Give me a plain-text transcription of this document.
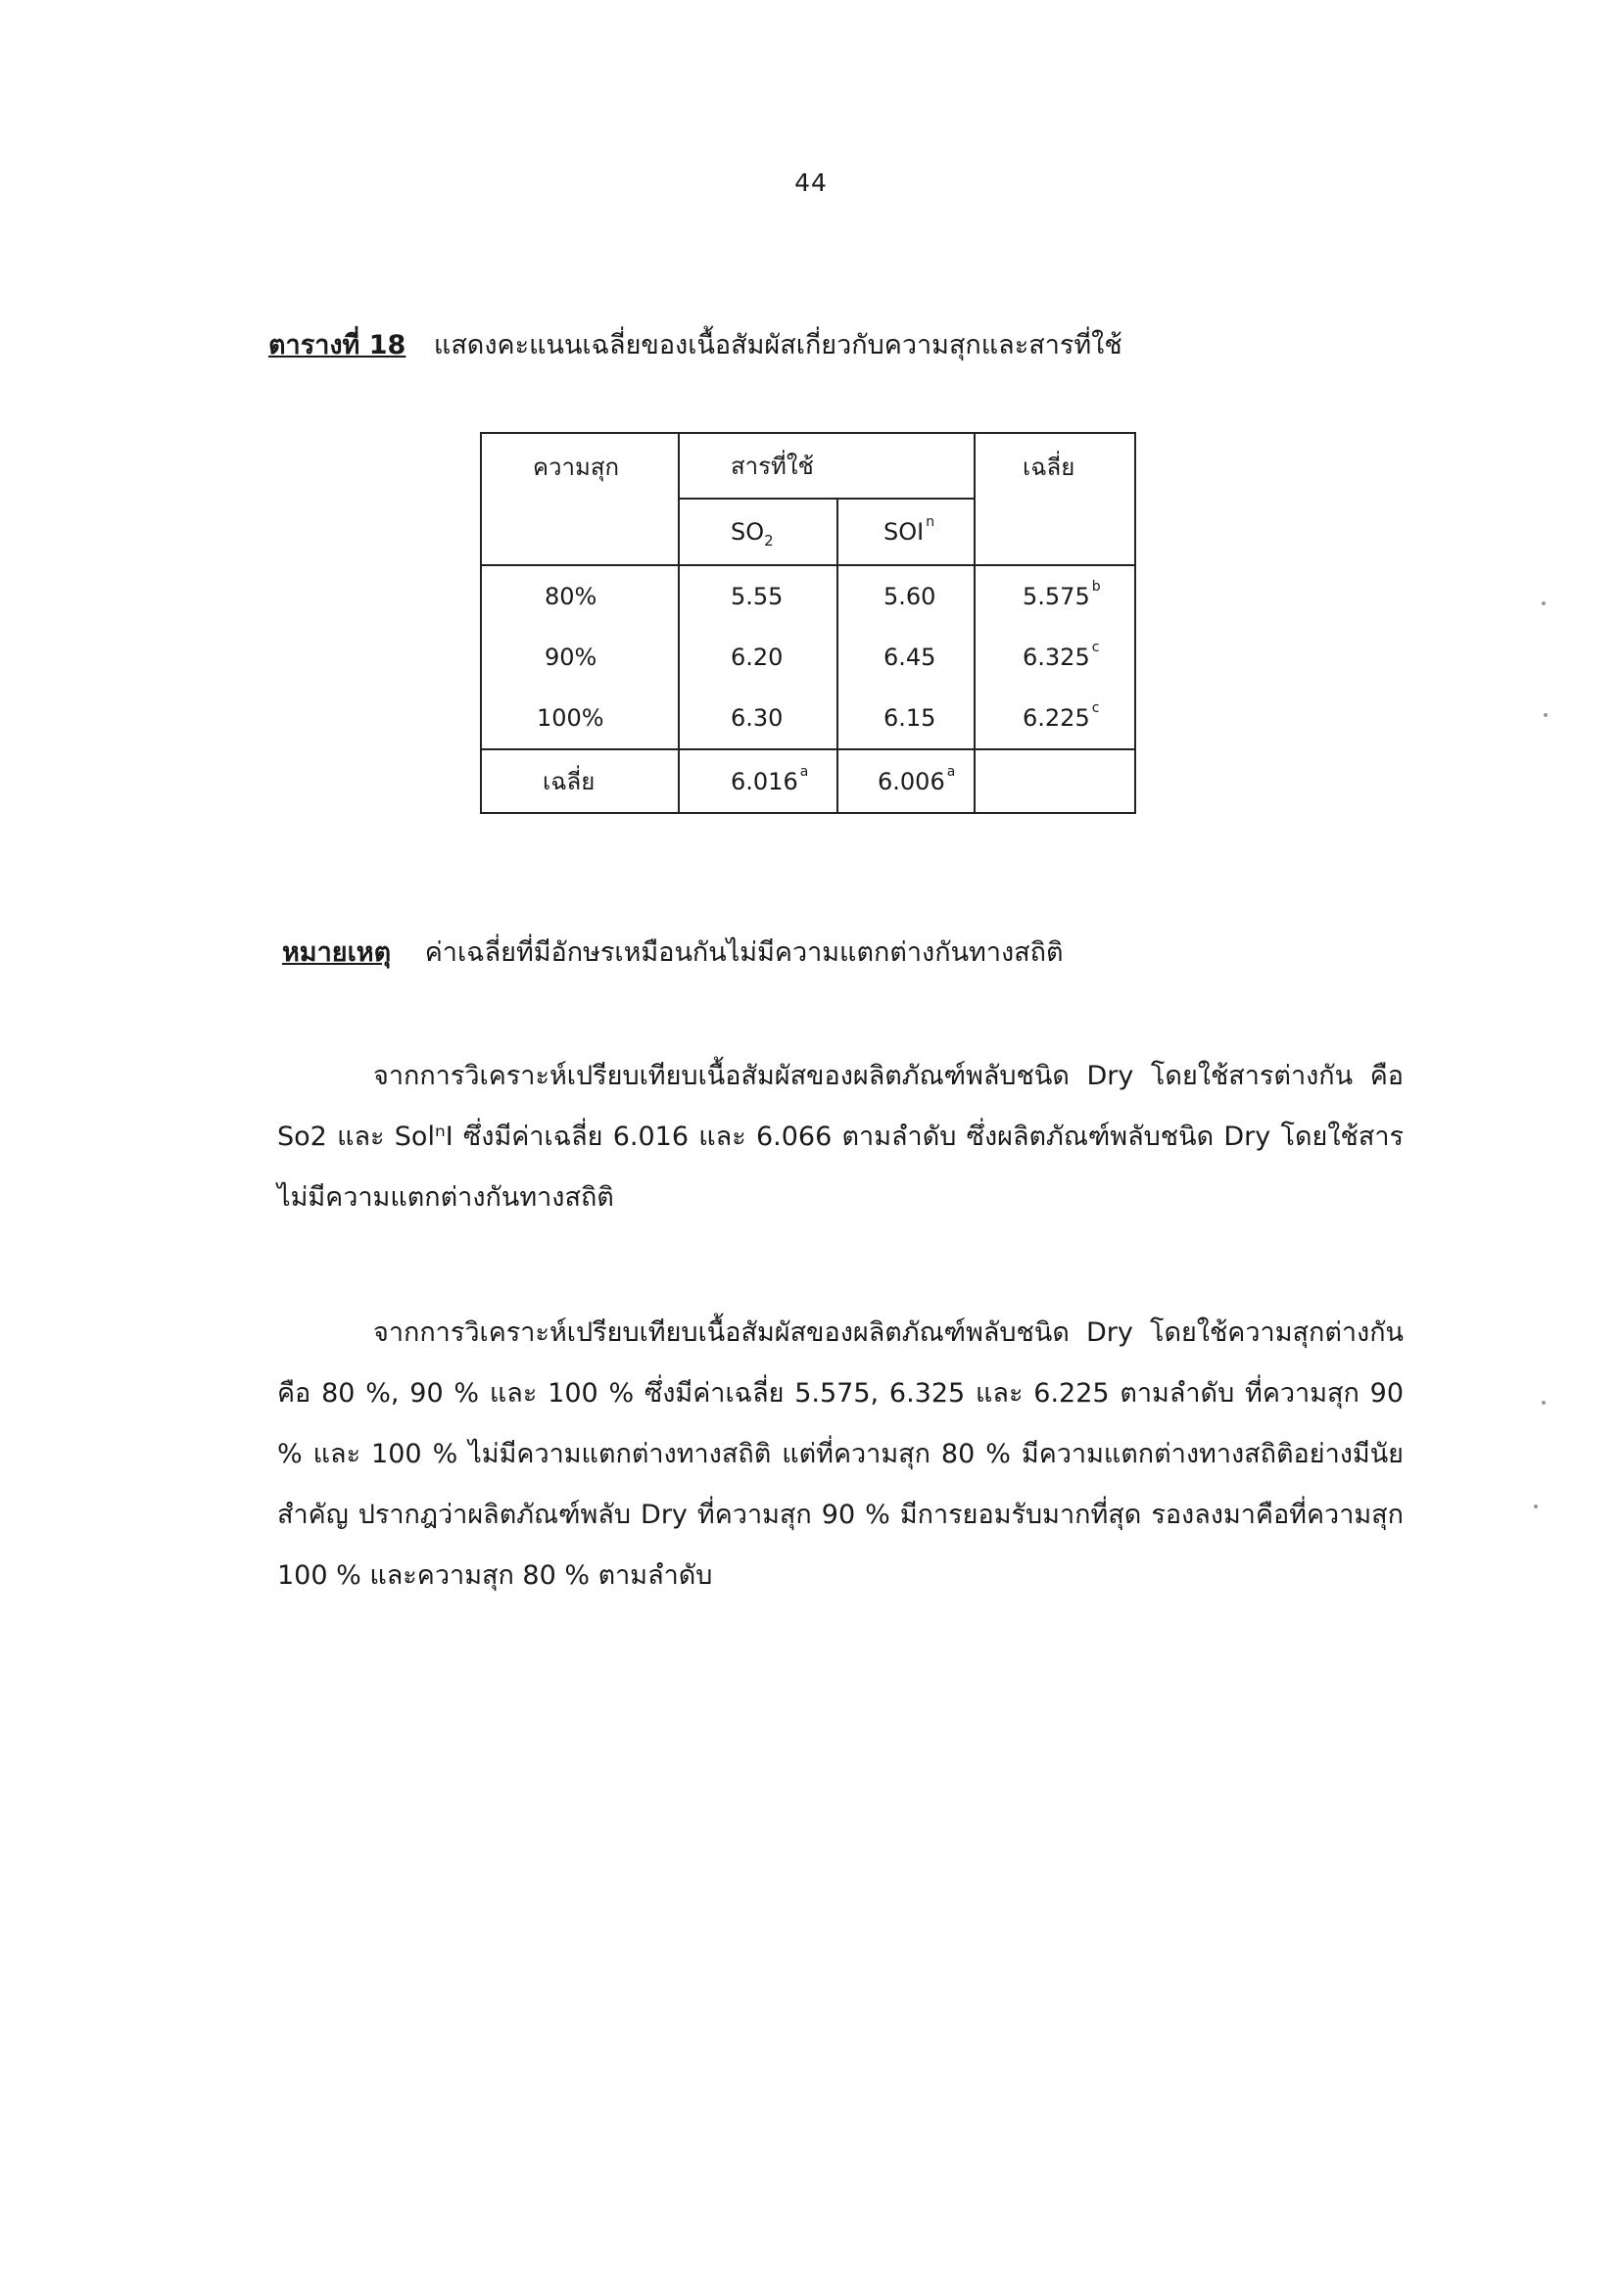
44
ตารางที่ 18 แสดงคะแนนเฉลี่ยของเนื้อสัมผัสเกี่ยวกับความสุกและสารที่ใช้
ความสุก	สารที่ใช้		เฉลี่ย
	$SO_2$	SOI $^n$
80%	5.55	5.60	5.575 $^b$
90%	6.20	6.45	6.325 $^c$
100%	6.30	6.15	6.225 $^c$
เฉลี่ย	6.016 $^a$	6.006 $^a$	
หมายเหตุ ค่าเฉลี่ยที่มีอักษรเหมือนกันไม่มีความแตกต่างกันทางสถิติ
จากการวิเคราะห์เปรียบเทียบเนื้อสัมผัสของผลิตภัณฑ์พลับชนิด Dry โดยใช้สารต่างกัน คือ So2 และ SolⁿI ซึ่งมีค่าเฉลี่ย 6.016 และ 6.066 ตามลำดับ ซึ่งผลิตภัณฑ์พลับชนิด Dry โดยใช้สารไม่มีความแตกต่างกันทางสถิติ
จากการวิเคราะห์เปรียบเทียบเนื้อสัมผัสของผลิตภัณฑ์พลับชนิด Dry โดยใช้ความสุกต่างกัน คือ 80 %, 90 % และ 100 % ซึ่งมีค่าเฉลี่ย 5.575, 6.325 และ 6.225 ตามลำดับ ที่ความสุก 90 % และ 100 % ไม่มีความแตกต่างทางสถิติ แต่ที่ความสุก 80 % มีความแตกต่างทางสถิติอย่างมีนัยสำคัญ ปรากฎว่าผลิตภัณฑ์พลับ Dry ที่ความสุก 90 % มีการยอมรับมากที่สุด รองลงมาคือที่ความสุก 100 % และความสุก 80 % ตามลำดับ
